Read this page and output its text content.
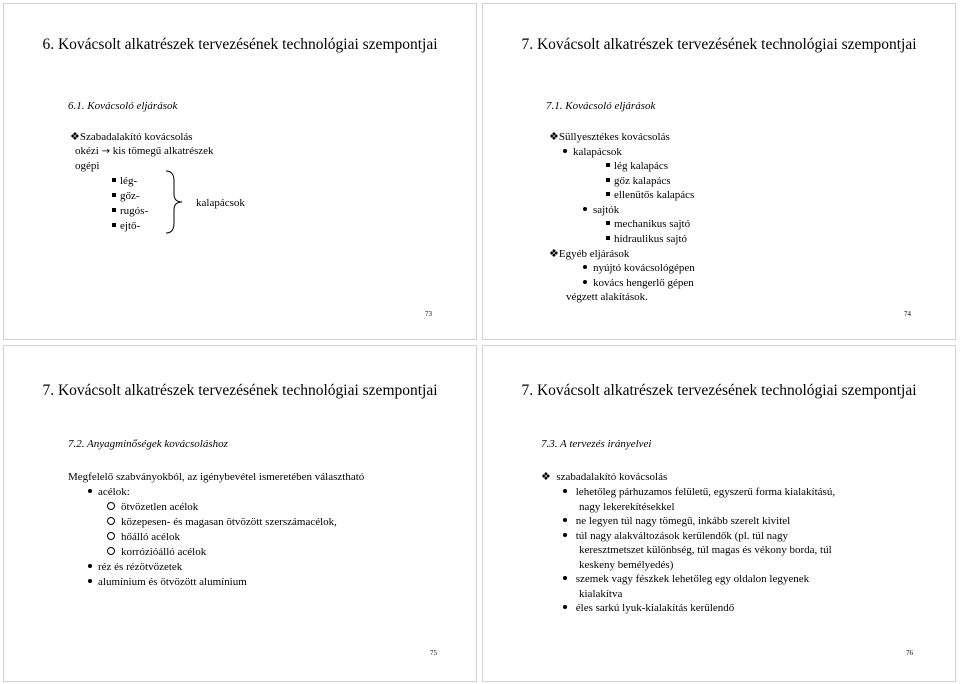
6. Kovácsolt alkatrészek tervezésének technológiai szempontjai
6.1. Kovácsoló eljárások
❖Szabadalakító kovácsolás
okézi → kis tömegű alkatrészek
ogépi
lég-
gőz-
rugós-
ejtő-
kalapácsok
73
7. Kovácsolt alkatrészek tervezésének technológiai szempontjai
7.1. Kovácsoló eljárások
❖Süllyesztékes kovácsolás
kalapácsok
lég kalapács
gőz kalapács
ellenütős kalapács
sajtók
mechanikus sajtó
hidraulikus sajtó
❖Egyéb eljárások
nyújtó kovácsológépen
kovács hengerlő gépen
végzett alakítások.
74
7. Kovácsolt alkatrészek tervezésének technológiai szempontjai
7.2. Anyagminőségek kovácsoláshoz
Megfelelő szabványokból, az igénybevétel ismeretében választható
acélok:
ötvözetlen acélok
közepesen- és magasan ötvözött szerszámacélok,
hőálló acélok
korrózióálló acélok
réz és rézötvözetek
alumínium és ötvözött alumínium
75
7. Kovácsolt alkatrészek tervezésének technológiai szempontjai
7.3. A tervezés irányelvei
❖ szabadalakító kovácsolás
lehetőleg párhuzamos felületű, egyszerű forma kialakítású,
nagy lekerekítésekkel
ne legyen túl nagy tömegű, inkább szerelt kivitel
túl nagy alakváltozások kerülendők (pl. túl nagy
keresztmetszet különbség, túl magas és vékony borda, túl
keskeny bemélyedés)
szemek vagy fészkek lehetőleg egy oldalon legyenek
kialakítva
éles sarkú lyuk-kialakítás kerülendő
76
